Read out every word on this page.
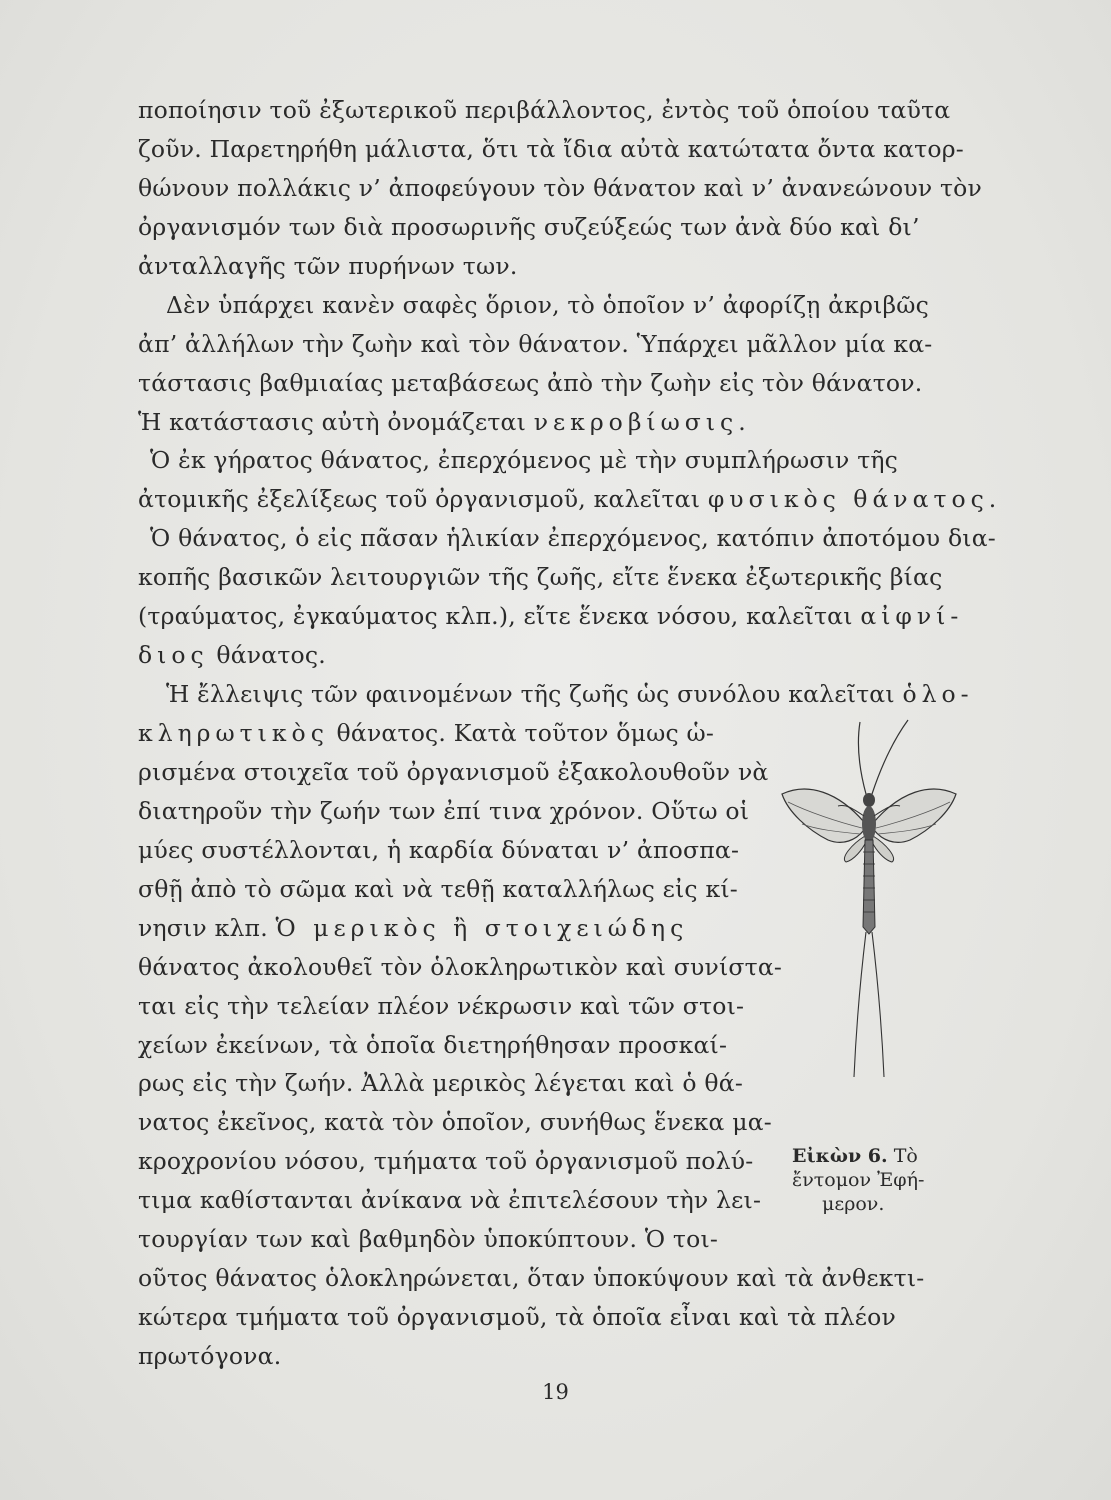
ποποίησιν τοῦ ἐξωτερικοῦ περιβάλλοντος, ἐντὸς τοῦ ὁποίου ταῦτα
ζοῦν. Παρετηρήθη μάλιστα, ὅτι τὰ ἴδια αὐτὰ κατώτατα ὄντα κατορ-
θώνουν πολλάκις ν’ ἀποφεύγουν τὸν θάνατον καὶ ν’ ἀνανεώνουν τὸν
ὀργανισμόν των διὰ προσωρινῆς συζεύξεώς των ἀνὰ δύο καὶ δι’
ἀνταλλαγῆς τῶν πυρήνων των.
Δὲν ὑπάρχει κανὲν σαφὲς ὅριον, τὸ ὁποῖον ν’ ἀφορίζῃ ἀκριβῶς
ἀπ’ ἀλλήλων τὴν ζωὴν καὶ τὸν θάνατον. Ὑπάρχει μᾶλλον μία κα-
τάστασις βαθμιαίας μεταβάσεως ἀπὸ τὴν ζωὴν εἰς τὸν θάνατον.
Ἡ κατάστασις αὐτὴ ὀνομάζεται νεκροβίωσις.
Ὁ ἐκ γήρατος θάνατος, ἐπερχόμενος μὲ τὴν συμπλήρωσιν τῆς
ἀτομικῆς ἐξελίξεως τοῦ ὀργανισμοῦ, καλεῖται φυσικὸς θάνατος.
Ὁ θάνατος, ὁ εἰς πᾶσαν ἡλικίαν ἐπερχόμενος, κατόπιν ἀποτόμου δια-
κοπῆς βασικῶν λειτουργιῶν τῆς ζωῆς, εἴτε ἕνεκα ἐξωτερικῆς βίας
(τραύματος, ἐγκαύματος κλπ.), εἴτε ἕνεκα νόσου, καλεῖται αἰφνί-
διος θάνατος.
Ἡ ἔλλειψις τῶν φαινομένων τῆς ζωῆς ὡς συνόλου καλεῖται ὁλο-
κληρωτικὸς θάνατος. Κατὰ τοῦτον ὅμως ὡ-
ρισμένα στοιχεῖα τοῦ ὀργανισμοῦ ἐξακολουθοῦν νὰ
διατηροῦν τὴν ζωήν των ἐπί τινα χρόνον. Οὕτω οἱ
μύες συστέλλονται, ἡ καρδία δύναται ν’ ἀποσπα-
σθῇ ἀπὸ τὸ σῶμα καὶ νὰ τεθῇ καταλλήλως εἰς κί-
νησιν κλπ. Ὁ μερικὸς ἢ στοιχειώδης
θάνατος ἀκολουθεῖ τὸν ὁλοκληρωτικὸν καὶ συνίστα-
ται εἰς τὴν τελείαν πλέον νέκρωσιν καὶ τῶν στοι-
χείων ἐκείνων, τὰ ὁποῖα διετηρήθησαν προσκαί-
ρως εἰς τὴν ζωήν. Ἀλλὰ μερικὸς λέγεται καὶ ὁ θά-
νατος ἐκεῖνος, κατὰ τὸν ὁποῖον, συνήθως ἕνεκα μα-
κροχρονίου νόσου, τμήματα τοῦ ὀργανισμοῦ πολύ-
τιμα καθίστανται ἀνίκανα νὰ ἐπιτελέσουν τὴν λει-
τουργίαν των καὶ βαθμηδὸν ὑποκύπτουν. Ὁ τοι-
οῦτος θάνατος ὁλοκληρώνεται, ὅταν ὑποκύψουν καὶ τὰ ἀνθεκτι-
κώτερα τμήματα τοῦ ὀργανισμοῦ, τὰ ὁποῖα εἶναι καὶ τὰ πλέον
πρωτόγονα.
Εἰκὼν 6. Τὸ
ἔντομον Ἐφή-
μερον.
19
